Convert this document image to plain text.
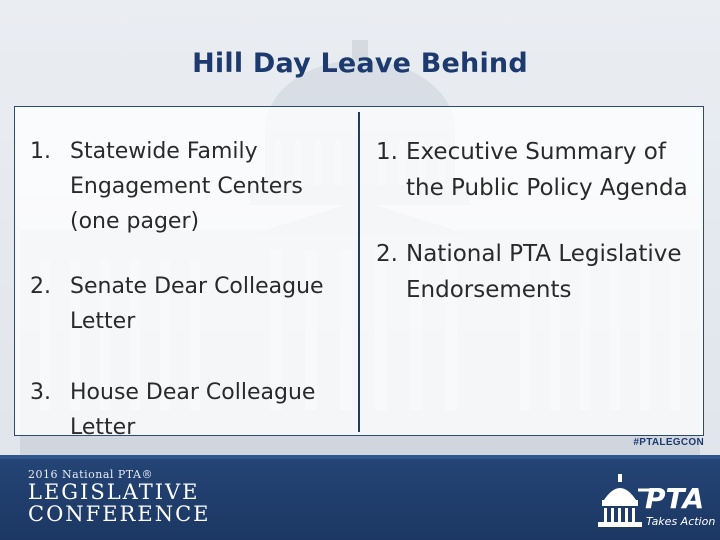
Hill Day Leave Behind
1. Statewide Family Engagement Centers (one pager)
2. Senate Dear Colleague Letter
3. House Dear Colleague Letter
1. Executive Summary of the Public Policy Agenda
2. National PTA Legislative Endorsements
#PTALEGCON
2016 National PTA®
LEGISLATIVE
CONFERENCE	PTA
Takes Action
